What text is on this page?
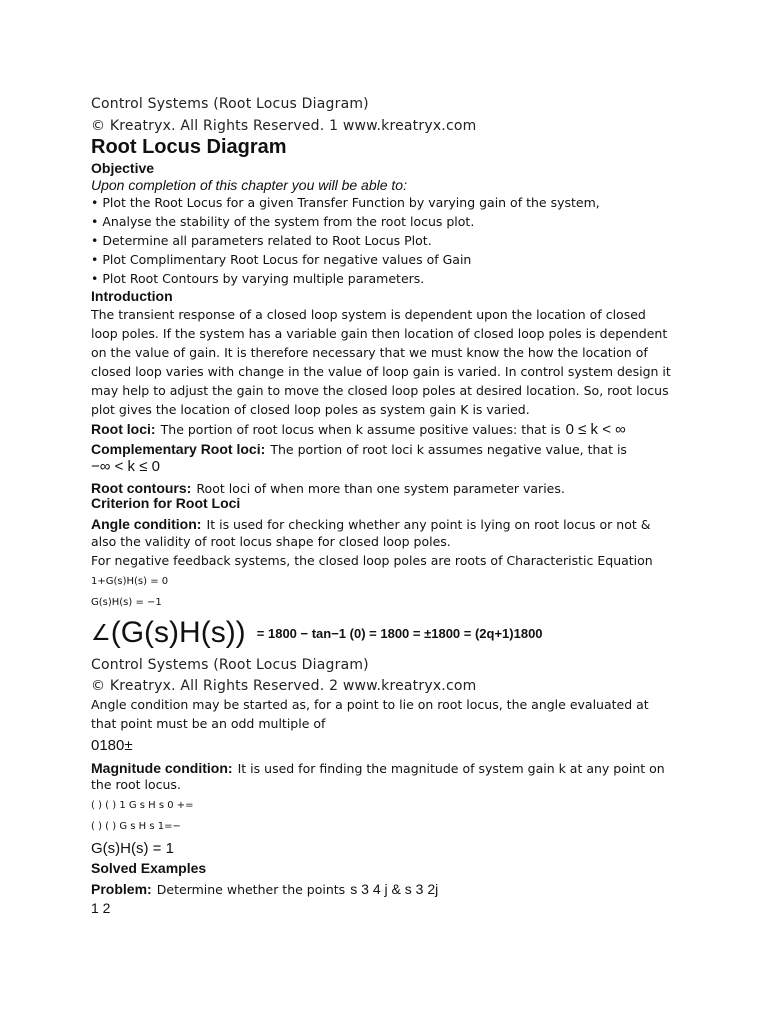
Control Systems (Root Locus Diagram)
© Kreatryx. All Rights Reserved. 1 www.kreatryx.com
Root Locus Diagram
Objective
Upon completion of this chapter you will be able to:
• Plot the Root Locus for a given Transfer Function by varying gain of the system,
• Analyse the stability of the system from the root locus plot.
• Determine all parameters related to Root Locus Plot.
• Plot Complimentary Root Locus for negative values of Gain
• Plot Root Contours by varying multiple parameters.
Introduction
The transient response of a closed loop system is dependent upon the location of closed
loop poles. If the system has a variable gain then location of closed loop poles is dependent
on the value of gain. It is therefore necessary that we must know the how the location of
closed loop varies with change in the value of loop gain is varied. In control system design it
may help to adjust the gain to move the closed loop poles at desired location. So, root locus
plot gives the location of closed loop poles as system gain K is varied.
Root loci: The portion of root locus when k assume positive values: that is 0 ≤ k < ∞
Complementary Root loci: The portion of root loci k assumes negative value, that is
−∞ < k ≤ 0
Root contours: Root loci of when more than one system parameter varies.
Criterion for Root Loci
Angle condition: It is used for checking whether any point is lying on root locus or not &
also the validity of root locus shape for closed loop poles.
For negative feedback systems, the closed loop poles are roots of Characteristic Equation
1+G(s)H(s) = 0
G(s)H(s) = −1
∠(G(s)H(s)) = 1800 − tan−1 (0) = 1800 = ±1800 = (2q+1)1800
Control Systems (Root Locus Diagram)
© Kreatryx. All Rights Reserved. 2 www.kreatryx.com
Angle condition may be started as, for a point to lie on root locus, the angle evaluated at
that point must be an odd multiple of
0180±
Magnitude condition: It is used for finding the magnitude of system gain k at any point on
the root locus.
( ) ( ) 1 G s H s 0 +=
( ) ( ) G s H s 1=−
G(s)H(s) = 1
Solved Examples
Problem: Determine whether the points s 3 4 j & s 3 2j
1 2
